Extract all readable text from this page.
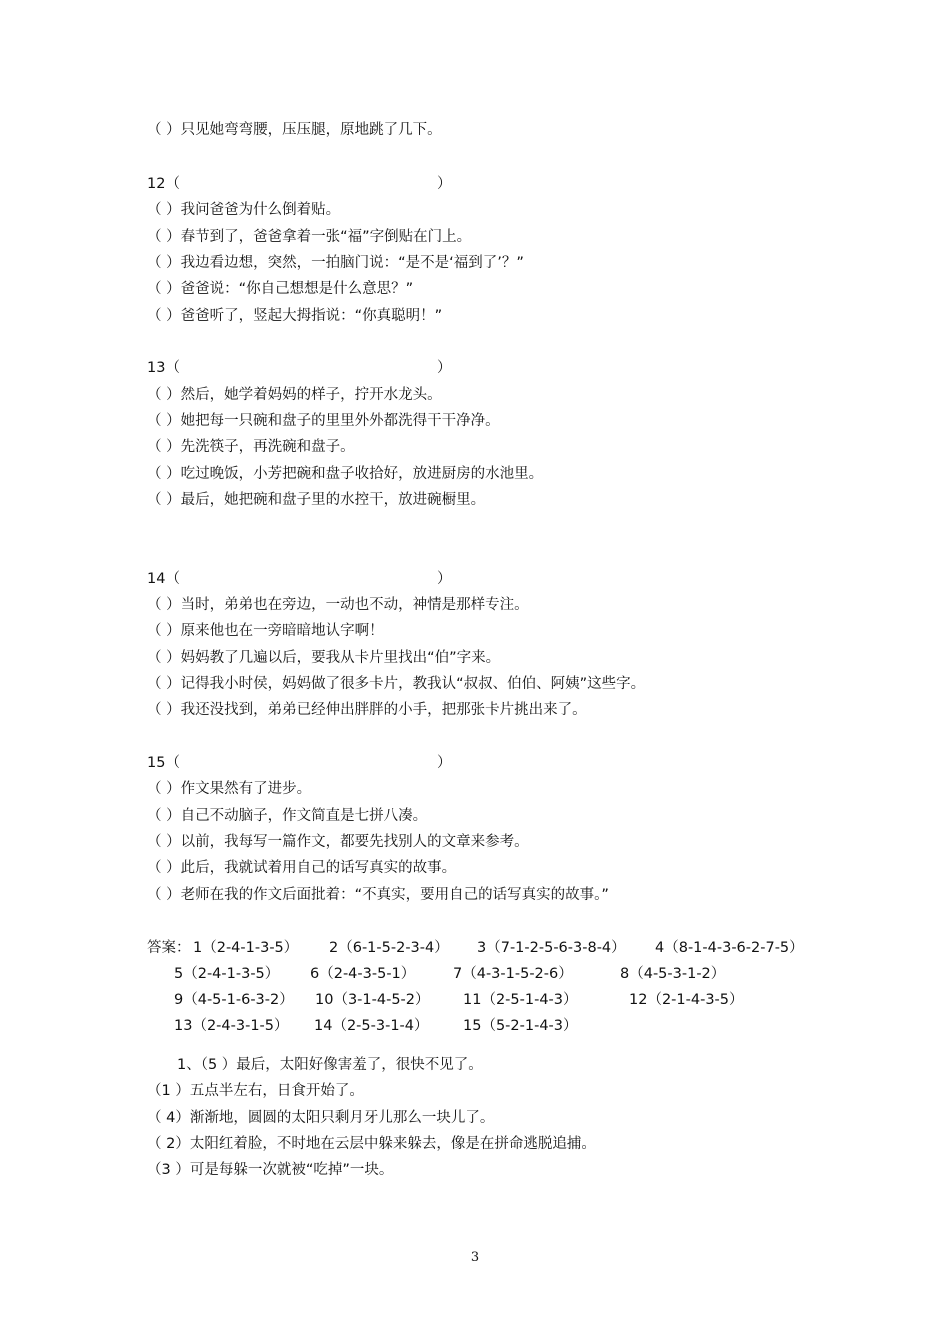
（ ）只见她弯弯腰，压压腿，原地跳了几下。

12（

	）

（ ）我问爸爸为什么倒着贴。
（ ）春节到了，爸爸拿着一张“福”字倒贴在门上。
（ ）我边看边想，突然，一拍脑门说：“是不是‘福到了’？”
（ ）爸爸说：“你自己想想是什么意思？”
（ ）爸爸听了，竖起大拇指说：“你真聪明！”

13（

	）

（ ）然后，她学着妈妈的样子，拧开水龙头。
（ ）她把每一只碗和盘子的里里外外都洗得干干净净。
（ ）先洗筷子，再洗碗和盘子。
（ ）吃过晚饭，小芳把碗和盘子收拾好，放进厨房的水池里。
（ ）最后，她把碗和盘子里的水控干，放进碗橱里。

14（

	）

（ ）当时，弟弟也在旁边，一动也不动，神情是那样专注。
（ ）原来他也在一旁暗暗地认字啊！
（ ）妈妈教了几遍以后，要我从卡片里找出“伯”字来。
（ ）记得我小时侯，妈妈做了很多卡片，教我认“叔叔、伯伯、阿姨”这些字。
（ ）我还没找到，弟弟已经伸出胖胖的小手，把那张卡片挑出来了。

15（

	）

（ ）作文果然有了进步。
（ ）自己不动脑子，作文简直是七拼八凑。
（ ）以前，我每写一篇作文，都要先找别人的文章来参考。
（ ）此后，我就试着用自己的话写真实的故事。
（ ）老师在我的作文后面批着：“不真实，要用自己的话写真实的故事。”
答案： 1（2-4-1-3-5） 2（6-1-5-2-3-4） 3（7-1-2-5-6-3-8-4） 4（8-1-4-3-6-2-7-5）
5（2-4-1-3-5） 6（2-4-3-5-1）	7（4-3-1-5-2-6）	8（4-5-3-1-2）
9（4-5-1-6-3-2） 10（3-1-4-5-2） 11（2-5-1-4-3）	12（2-1-4-3-5）
13（2-4-3-1-5） 14（2-5-3-1-4） 15（5-2-1-4-3）
1、（5 ）最后，太阳好像害羞了，很快不见了。
（1 ）五点半左右，日食开始了。
（ 4）渐渐地，圆圆的太阳只剩月牙儿那么一块儿了。
（ 2）太阳红着脸，不时地在云层中躲来躲去，像是在拼命逃脱追捕。
（3 ）可是每躲一次就被“吃掉”一块。
3
